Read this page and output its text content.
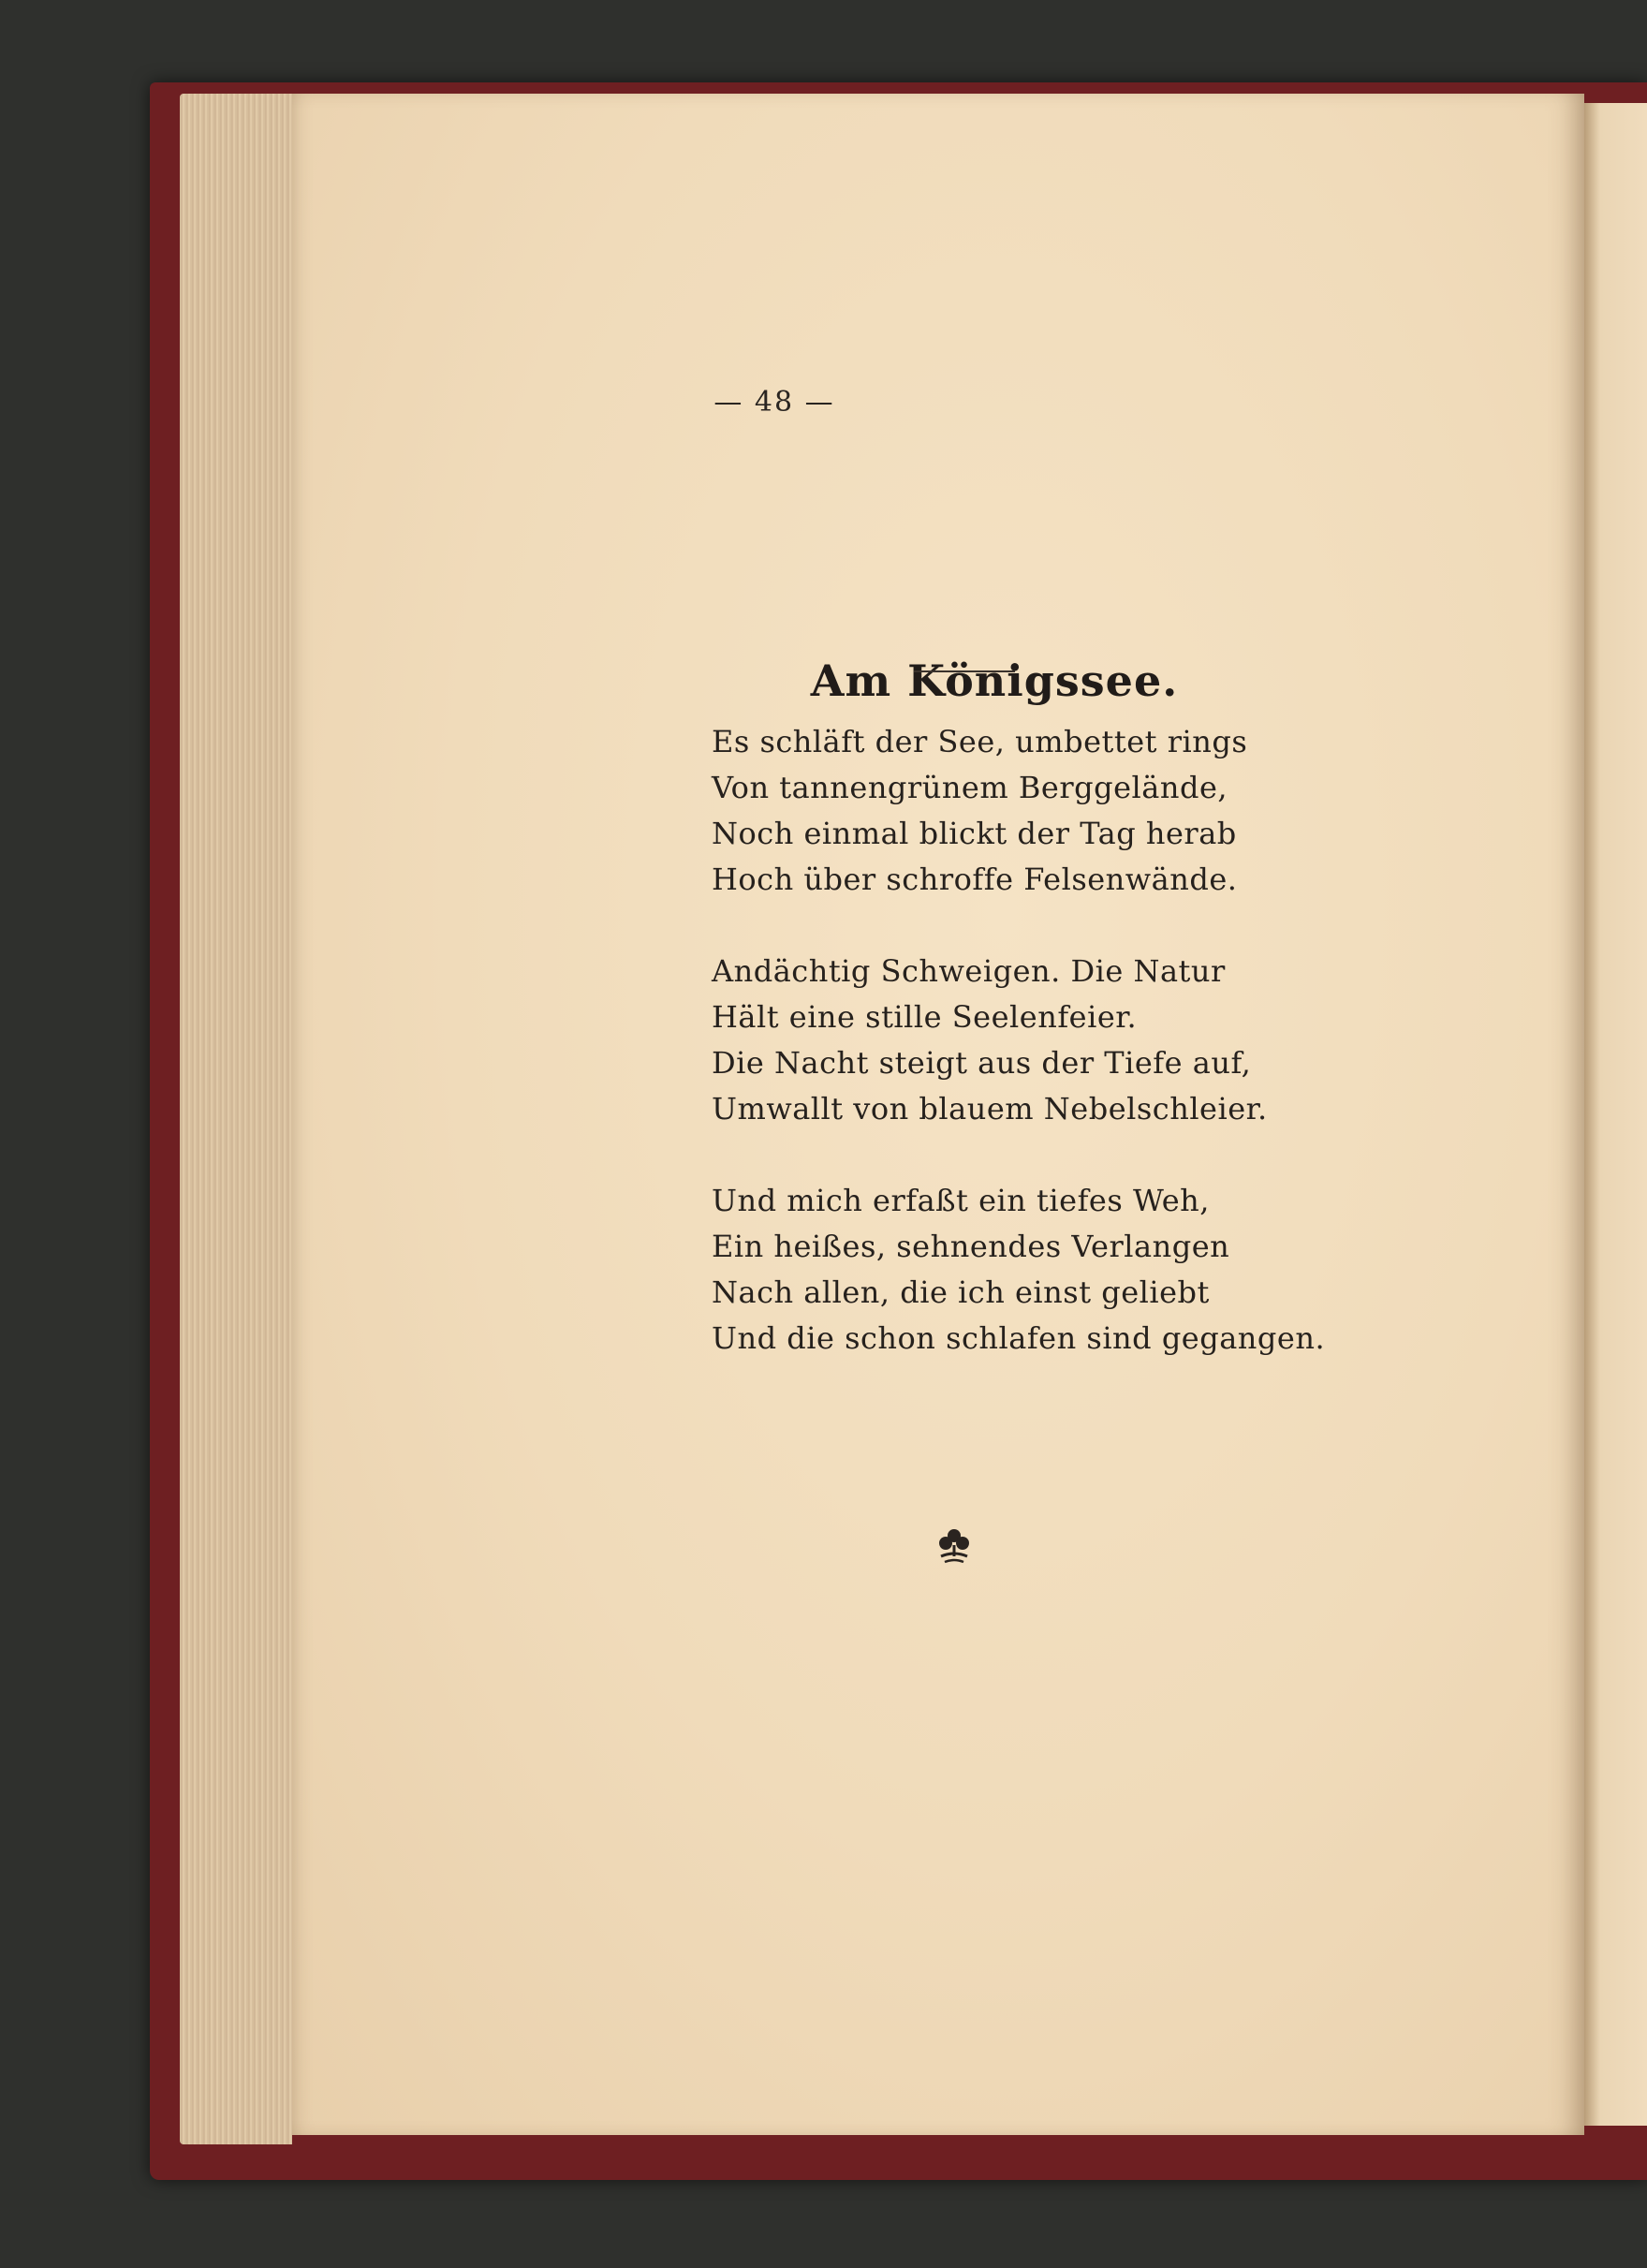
— 48 —
Am Königssee.
Es schläft der See, umbettet rings
Von tannengrünem Berggelände,
Noch einmal blickt der Tag herab
Hoch über schroffe Felsenwände.
Andächtig Schweigen. Die Natur
Hält eine stille Seelenfeier.
Die Nacht steigt aus der Tiefe auf,
Umwallt von blauem Nebelschleier.
Und mich erfaßt ein tiefes Weh,
Ein heißes, sehnendes Verlangen
Nach allen, die ich einst geliebt
Und die schon schlafen sind gegangen.
